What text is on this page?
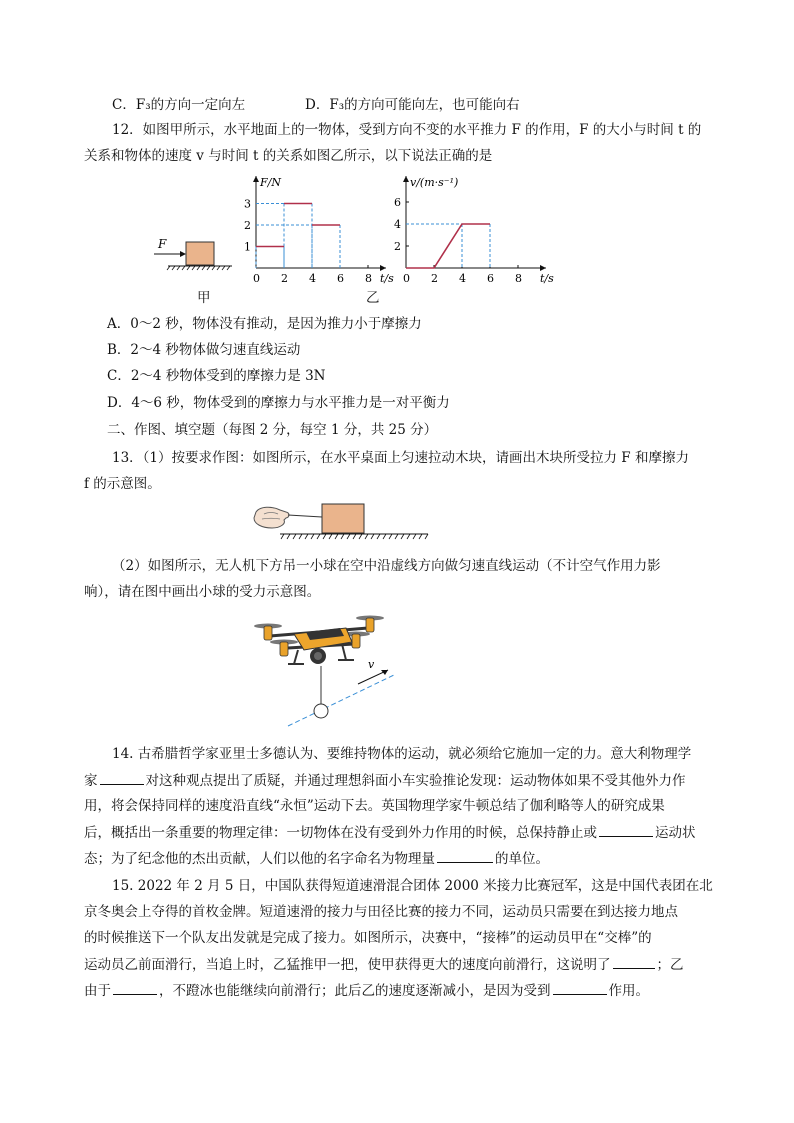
C．F₃的方向一定向左	D．F₃的方向可能向左，也可能向右
12．如图甲所示，水平地面上的一物体，受到方向不变的水平推力 F 的作用，F 的大小与时间 t 的
关系和物体的速度 v 与时间 t 的关系如图乙所示，以下说法正确的是
F
甲
F/N
t/s
0 2 4 6 8
1
2
3
v/(m·s⁻¹)
t/s
0 2 4 6 8
2
4
6
乙
A．0～2 秒，物体没有推动，是因为推力小于摩擦力
B．2～4 秒物体做匀速直线运动
C．2～4 秒物体受到的摩擦力是 3N
D．4～6 秒，物体受到的摩擦力与水平推力是一对平衡力
二、作图、填空题（每图 2 分，每空 1 分，共 25 分）
13．（1）按要求作图：如图所示，在水平桌面上匀速拉动木块，请画出木块所受拉力 F 和摩擦力
f 的示意图。
（2）如图所示，无人机下方吊一小球在空中沿虚线方向做匀速直线运动（不计空气作用力影
响），请在图中画出小球的受力示意图。
v
14. 古希腊哲学家亚里士多德认为、要维持物体的运动，就必须给它施加一定的力。意大利物理学
家	对这种观点提出了质疑，并通过理想斜面小车实验推论发现：运动物体如果不受其他外力作
用，将会保持同样的速度沿直线“永恒”运动下去。英国物理学家牛顿总结了伽利略等人的研究成果
后，概括出一条重要的物理定律：一切物体在没有受到外力作用的时候，总保持静止或	运动状
态；为了纪念他的杰出贡献，人们以他的名字命名为物理量	的单位。
15. 2022 年 2 月 5 日，中国队获得短道速滑混合团体 2000 米接力比赛冠军，这是中国代表团在北
京冬奥会上夺得的首枚金牌。短道速滑的接力与田径比赛的接力不同，运动员只需要在到达接力地点
的时候推送下一个队友出发就是完成了接力。如图所示，决赛中，“接棒”的运动员甲在“交棒”的
运动员乙前面滑行，当追上时，乙猛推甲一把，使甲获得更大的速度向前滑行，这说明了	；乙
由于	，不蹬冰也能继续向前滑行；此后乙的速度逐渐减小，是因为受到	作用。
